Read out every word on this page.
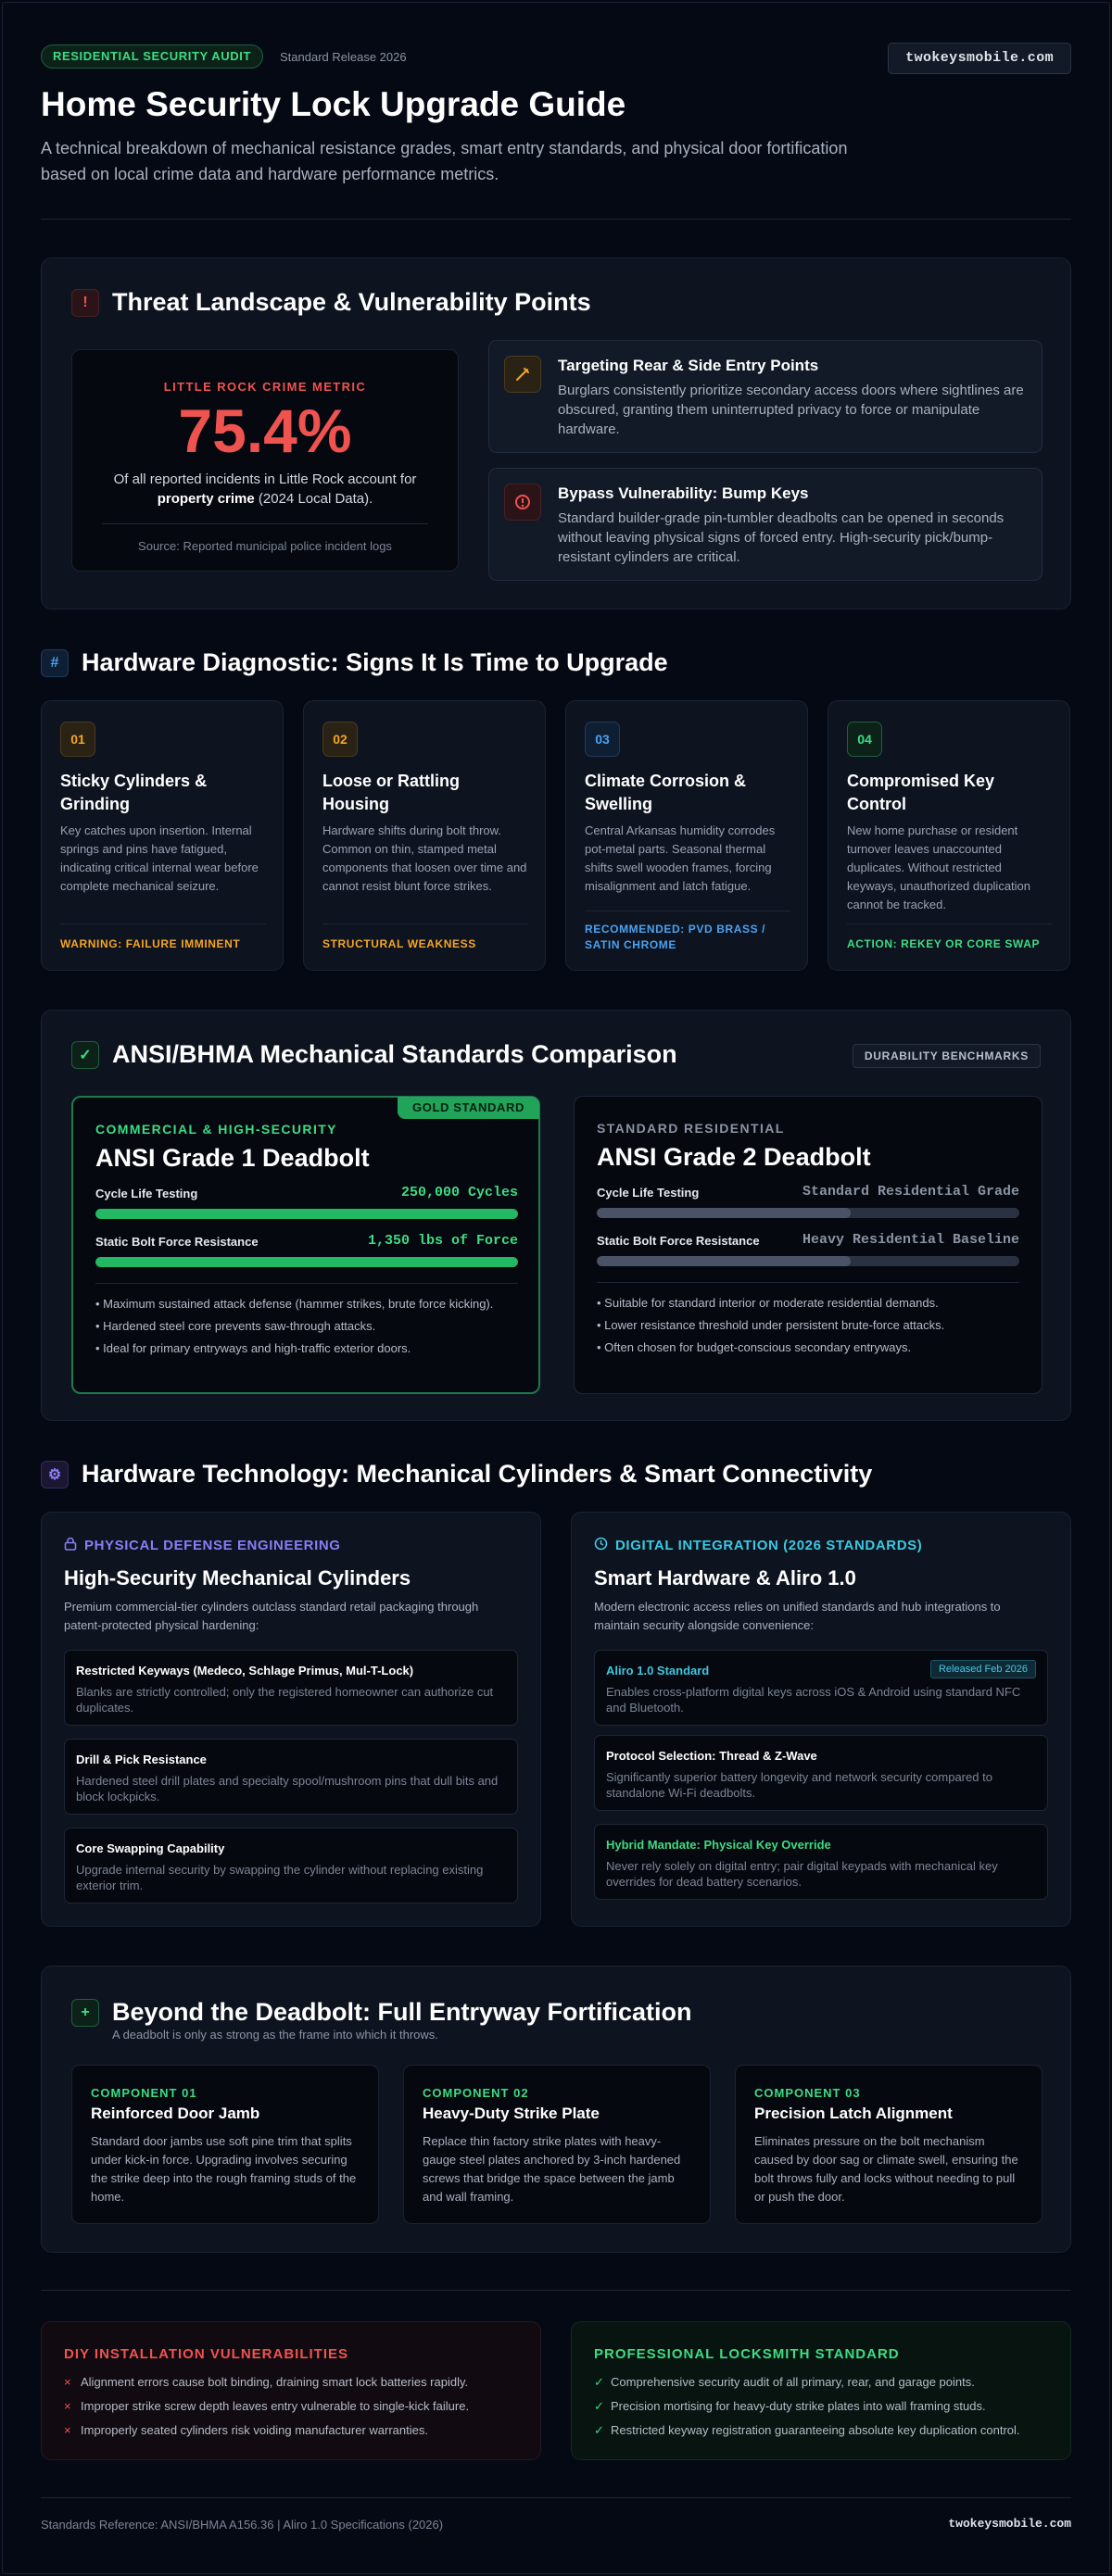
RESIDENTIAL SECURITY AUDIT	Standard Release 2026	twokeysmobile.com
Home Security Lock Upgrade Guide

A technical breakdown of mechanical resistance grades, smart entry standards, and physical door fortification based on local crime data and hardware performance metrics.

! Threat Landscape & Vulnerability Points
LITTLE ROCK CRIME METRIC
75.4%
Of all reported incidents in Little Rock account for
property crime (2024 Local Data).
Source: Reported municipal police incident logs
Targeting Rear & Side Entry Points
Burglars consistently prioritize secondary access doors where sightlines are obscured, granting them uninterrupted privacy to force or manipulate hardware.
Bypass Vulnerability: Bump Keys
Standard builder-grade pin-tumbler deadbolts can be opened in seconds without leaving physical signs of forced entry. High-security pick/bump-resistant cylinders are critical.
# Hardware Diagnostic: Signs It Is Time to Upgrade
01
Sticky Cylinders & Grinding
Key catches upon insertion. Internal springs and pins have fatigued, indicating critical internal wear before complete mechanical seizure.
WARNING: FAILURE IMMINENT
02
Loose or Rattling Housing
Hardware shifts during bolt throw. Common on thin, stamped metal components that loosen over time and cannot resist blunt force strikes.
STRUCTURAL WEAKNESS
03
Climate Corrosion & Swelling
Central Arkansas humidity corrodes pot-metal parts. Seasonal thermal shifts swell wooden frames, forcing misalignment and latch fatigue.
RECOMMENDED: PVD BRASS / SATIN CHROME
04
Compromised Key Control
New home purchase or resident turnover leaves unaccounted duplicates. Without restricted keyways, unauthorized duplication cannot be tracked.
ACTION: REKEY OR CORE SWAP
✓ ANSI/BHMA Mechanical Standards Comparison	DURABILITY BENCHMARKS
GOLD STANDARD
COMMERCIAL & HIGH-SECURITY
ANSI Grade 1 Deadbolt
Cycle Life Testing	250,000 Cycles
Static Bolt Force Resistance	1,350 lbs of Force
• Maximum sustained attack defense (hammer strikes, brute force kicking).
• Hardened steel core prevents saw-through attacks.
• Ideal for primary entryways and high-traffic exterior doors.
STANDARD RESIDENTIAL
ANSI Grade 2 Deadbolt
Cycle Life Testing	Standard Residential Grade
Static Bolt Force Resistance	Heavy Residential Baseline
• Suitable for standard interior or moderate residential demands.
• Lower resistance threshold under persistent brute-force attacks.
• Often chosen for budget-conscious secondary entryways.
⚙ Hardware Technology: Mechanical Cylinders & Smart Connectivity
PHYSICAL DEFENSE ENGINEERING
High-Security Mechanical Cylinders
Premium commercial-tier cylinders outclass standard retail packaging through patent-protected physical hardening:
Restricted Keyways (Medeco, Schlage Primus, Mul-T-Lock)
Blanks are strictly controlled; only the registered homeowner can authorize cut duplicates.
Drill & Pick Resistance
Hardened steel drill plates and specialty spool/mushroom pins that dull bits and block lockpicks.
Core Swapping Capability
Upgrade internal security by swapping the cylinder without replacing existing exterior trim.
DIGITAL INTEGRATION (2026 STANDARDS)
Smart Hardware & Aliro 1.0
Modern electronic access relies on unified standards and hub integrations to maintain security alongside convenience:
Aliro 1.0 Standard	Released Feb 2026
Enables cross-platform digital keys across iOS & Android using standard NFC and Bluetooth.
Protocol Selection: Thread & Z-Wave
Significantly superior battery longevity and network security compared to standalone Wi-Fi deadbolts.
Hybrid Mandate: Physical Key Override
Never rely solely on digital entry; pair digital keypads with mechanical key overrides for dead battery scenarios.
+ Beyond the Deadbolt: Full Entryway Fortification
A deadbolt is only as strong as the frame into which it throws.
COMPONENT 01
Reinforced Door Jamb
Standard door jambs use soft pine trim that splits under kick-in force. Upgrading involves securing the strike deep into the rough framing studs of the home.
COMPONENT 02
Heavy-Duty Strike Plate
Replace thin factory strike plates with heavy-gauge steel plates anchored by 3-inch hardened screws that bridge the space between the jamb and wall framing.
COMPONENT 03
Precision Latch Alignment
Eliminates pressure on the bolt mechanism caused by door sag or climate swell, ensuring the bolt throws fully and locks without needing to pull or push the door.
DIY INSTALLATION VULNERABILITIES
× Alignment errors cause bolt binding, draining smart lock batteries rapidly.
× Improper strike screw depth leaves entry vulnerable to single-kick failure.
× Improperly seated cylinders risk voiding manufacturer warranties.
PROFESSIONAL LOCKSMITH STANDARD
✓ Comprehensive security audit of all primary, rear, and garage points.
✓ Precision mortising for heavy-duty strike plates into wall framing studs.
✓ Restricted keyway registration guaranteeing absolute key duplication control.
Standards Reference: ANSI/BHMA A156.36 | Aliro 1.0 Specifications (2026)	twokeysmobile.com
